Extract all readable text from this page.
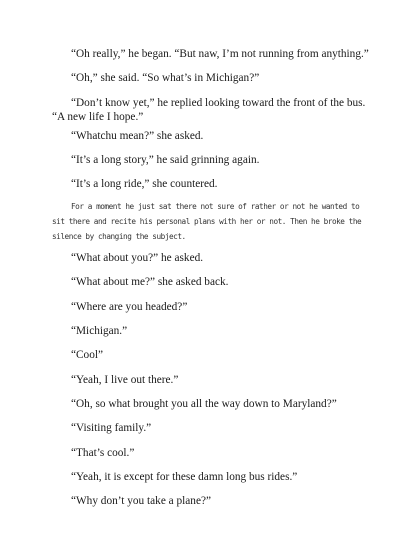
“Oh really,” he began. “But naw, I’m not running from anything.”
“Oh,” she said. “So what’s in Michigan?”
“Don’t know yet,” he replied looking toward the front of the bus.
“A new life I hope.”
“Whatchu mean?” she asked.
“It’s a long story,” he said grinning again.
“It’s a long ride,” she countered.
For a moment he just sat there not sure of rather or not he wanted to
sit there and recite his personal plans with her or not. Then he broke the
silence by changing the subject.
“What about you?” he asked.
“What about me?” she asked back.
“Where are you headed?”
“Michigan.”
“Cool”
“Yeah, I live out there.”
“Oh, so what brought you all the way down to Maryland?”
“Visiting family.”
“That’s cool.”
“Yeah, it is except for these damn long bus rides.”
“Why don’t you take a plane?”
